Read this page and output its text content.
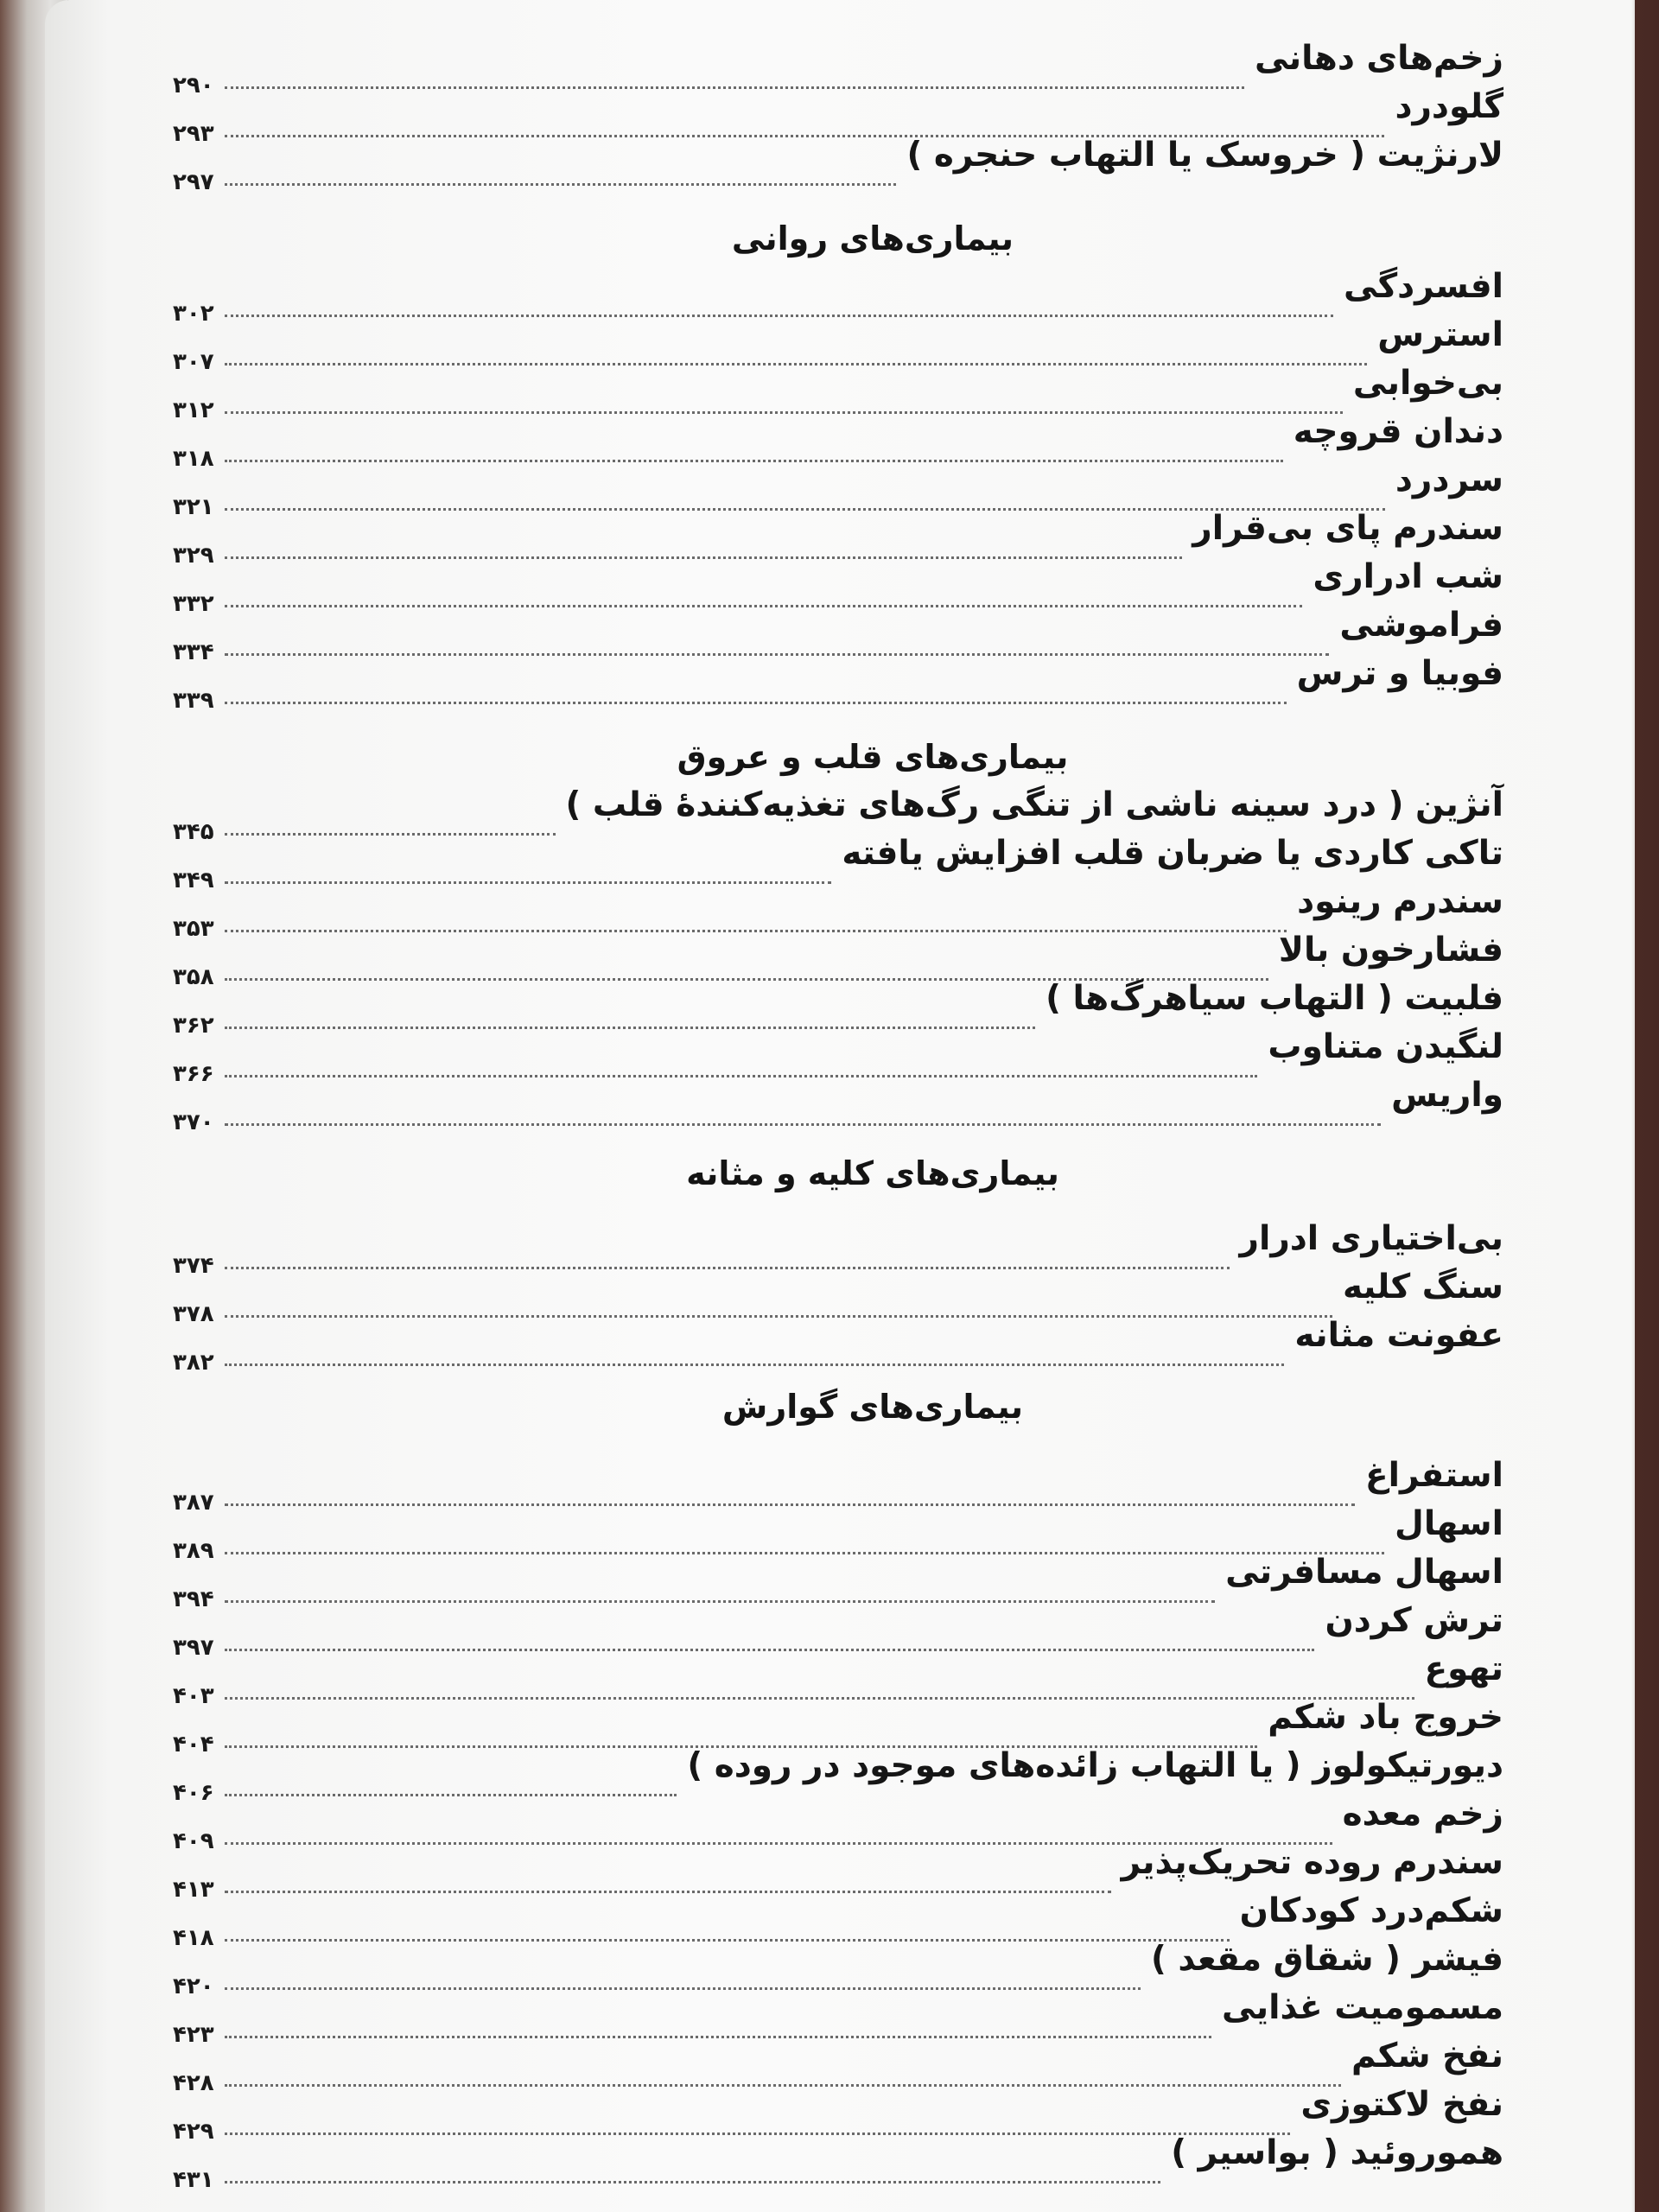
زخم‌های دهانی
۲۹۰
گلودرد
۲۹۳
لارنژیت ( خروسک یا التهاب حنجره )
۲۹۷
بیماری‌های روانی
افسردگی
۳۰۲
استرس
۳۰۷
بی‌خوابی
۳۱۲
دندان قروچه
۳۱۸
سردرد
۳۲۱
سندرم پای بی‌قرار
۳۲۹
شب ادراری
۳۳۲
فراموشی
۳۳۴
فوبیا و ترس
۳۳۹
بیماری‌های قلب و عروق
آنژین ( درد سینه ناشی از تنگی رگ‌های تغذیه‌کنندهٔ قلب )
۳۴۵
تاکی کاردی یا ضربان قلب افزایش یافته
۳۴۹
سندرم رینود
۳۵۳
فشارخون بالا
۳۵۸
فلبیت ( التهاب سیاهرگ‌ها )
۳۶۲
لنگیدن متناوب
۳۶۶
واریس
۳۷۰
بیماری‌های کلیه و مثانه
بی‌اختیاری ادرار
۳۷۴
سنگ کلیه
۳۷۸
عفونت مثانه
۳۸۲
بیماری‌های گوارش
استفراغ
۳۸۷
اسهال
۳۸۹
اسهال مسافرتی
۳۹۴
ترش کردن
۳۹۷
تهوع
۴۰۳
خروج باد شکم
۴۰۴
دیورتیکولوز ( یا التهاب زائده‌های موجود در روده )
۴۰۶
زخم معده
۴۰۹
سندرم روده تحریک‌پذیر
۴۱۳
شکم‌درد کودکان
۴۱۸
فیشر ( شقاق مقعد )
۴۲۰
مسمومیت غذایی
۴۲۳
نفخ شکم
۴۲۸
نفخ لاکتوزی
۴۲۹
هموروئید ( بواسیر )
۴۳۱
